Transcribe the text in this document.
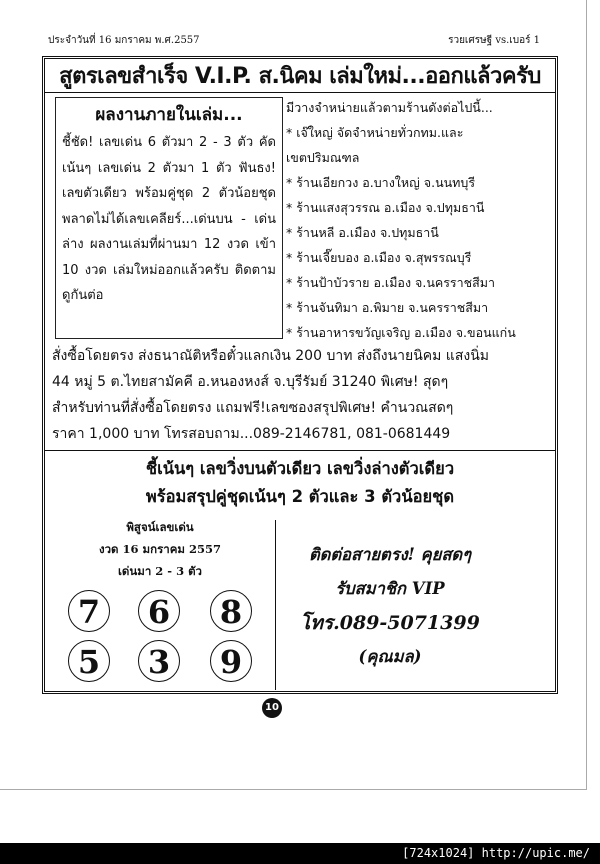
ประจำวันที่ 16 มกราคม พ.ศ.2557	รวยเศรษฐี vs.เบอร์ 1
สูตรเลขสำเร็จ V.I.P. ส.นิคม เล่มใหม่...ออกแล้วครับ
ผลงานภายในเล่ม...

ชี้ชัด! เลขเด่น 6 ตัวมา 2 - 3 ตัว คัดเน้นๆ เลขเด่น 2 ตัวมา 1 ตัว ฟันธง! เลขตัวเดียว พร้อมคู่ชุด 2 ตัวน้อยชุด พลาดไม่ได้เลขเคลียร์...เด่นบน - เด่นล่าง ผลงานเล่มที่ผ่านมา 12 งวด เข้า 10 งวด เล่มใหม่ออกแล้วครับ ติดตามดูกันต่อ

มีวางจำหน่ายแล้วตามร้านดังต่อไปนี้...
* เจ๊ใหญ่ จัดจำหน่ายทั่วกทม.และ
เขตปริมณฑล
* ร้านเอียกวง อ.บางใหญ่ จ.นนทบุรี
* ร้านแสงสุวรรณ อ.เมือง จ.ปทุมธานี
* ร้านหลี อ.เมือง จ.ปทุมธานี
* ร้านเจี๊ยบอง อ.เมือง จ.สุพรรณบุรี
* ร้านป้าบัวราย อ.เมือง จ.นครราชสีมา
* ร้านจันทิมา อ.พิมาย จ.นครราชสีมา
* ร้านอาหารขวัญเจริญ อ.เมือง จ.ขอนแก่น
สั่งซื้อโดยตรง ส่งธนาณัติหรือตั๋วแลกเงิน 200 บาท ส่งถึงนายนิคม แสงนิ่ม
44 หมู่ 5 ต.ไทยสามัคคี อ.หนองหงส์ จ.บุรีรัมย์ 31240 พิเศษ! สุดๆ
สำหรับท่านที่สั่งซื้อโดยตรง แถมฟรี!เลขซองสรุปพิเศษ! คำนวณสดๆ
ราคา 1,000 บาท โทรสอบถาม...089-2146781, 081-0681449
ชี้เน้นๆ เลขวิ่งบนตัวเดียว เลขวิ่งล่างตัวเดียว
พร้อมสรุปคู่ชุดเน้นๆ 2 ตัวและ 3 ตัวน้อยชุด
พิสูจน์เลขเด่น
งวด 16 มกราคม 2557
เด่นมา 2 - 3 ตัว
7	6	8
5	3	9
ติดต่อสายตรง! คุยสดๆ
รับสมาชิก VIP
โทร.089-5071399
(คุณมล)
10
[724x1024] http://upic.me/
